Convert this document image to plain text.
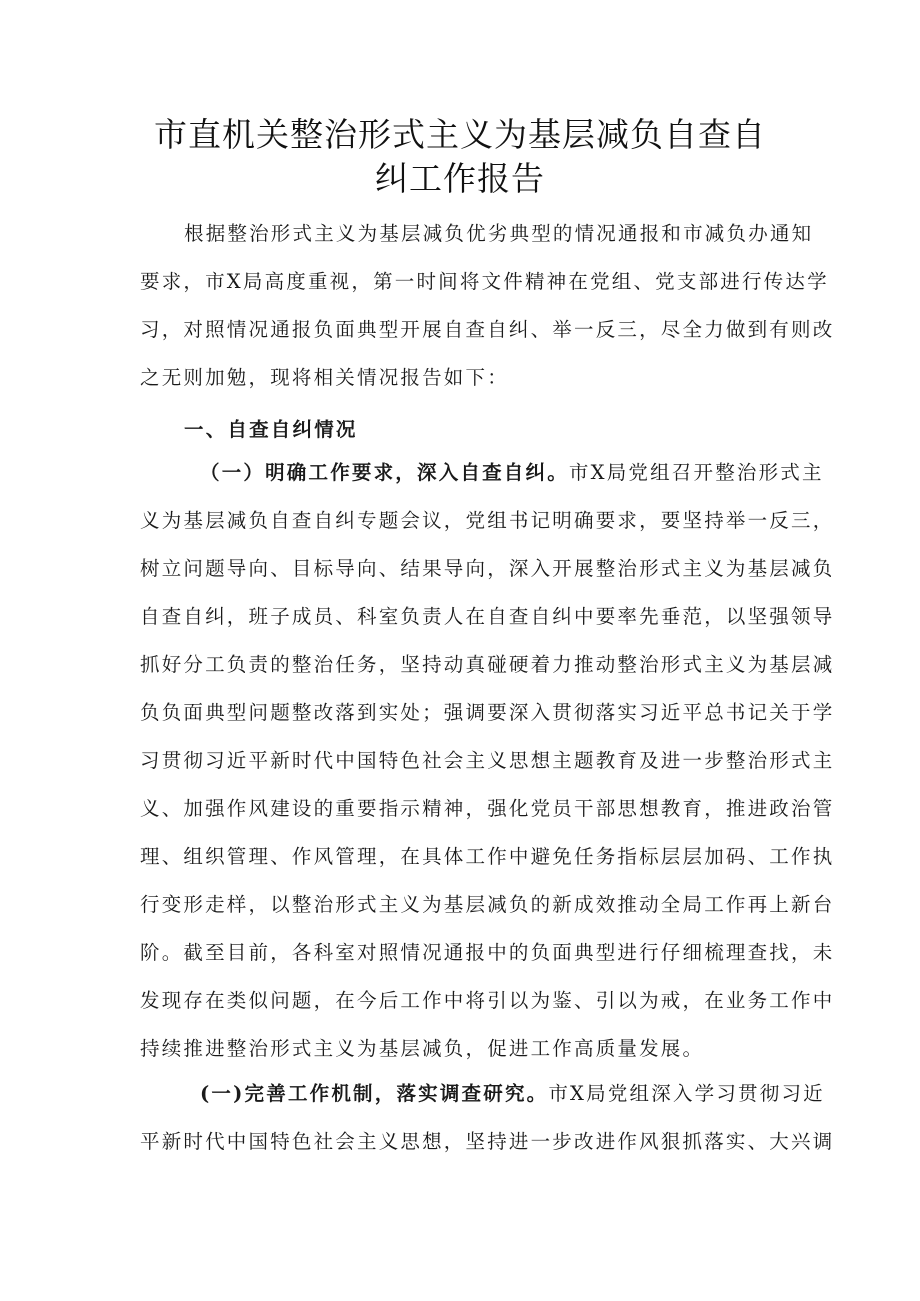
市直机关整治形式主义为基层减负自查自
纠工作报告
根据整治形式主义为基层减负优劣典型的情况通报和市减负办通知
要求，市X局高度重视，第一时间将文件精神在党组、党支部进行传达学
习，对照情况通报负面典型开展自查自纠、举一反三，尽全力做到有则改
之无则加勉，现将相关情况报告如下：
一、自查自纠情况
（一）明确工作要求，深入自查自纠。市X局党组召开整治形式主
义为基层减负自查自纠专题会议，党组书记明确要求，要坚持举一反三，
树立问题导向、目标导向、结果导向，深入开展整治形式主义为基层减负
自查自纠，班子成员、科室负责人在自查自纠中要率先垂范，以坚强领导
抓好分工负责的整治任务，坚持动真碰硬着力推动整治形式主义为基层减
负负面典型问题整改落到实处；强调要深入贯彻落实习近平总书记关于学
习贯彻习近平新时代中国特色社会主义思想主题教育及进一步整治形式主
义、加强作风建设的重要指示精神，强化党员干部思想教育，推进政治管
理、组织管理、作风管理，在具体工作中避免任务指标层层加码、工作执
行变形走样，以整治形式主义为基层减负的新成效推动全局工作再上新台
阶。截至目前，各科室对照情况通报中的负面典型进行仔细梳理查找，未
发现存在类似问题，在今后工作中将引以为鉴、引以为戒，在业务工作中
持续推进整治形式主义为基层减负，促进工作高质量发展。
(一)完善工作机制，落实调查研究。市X局党组深入学习贯彻习近
平新时代中国特色社会主义思想，坚持进一步改进作风狠抓落实、大兴调
